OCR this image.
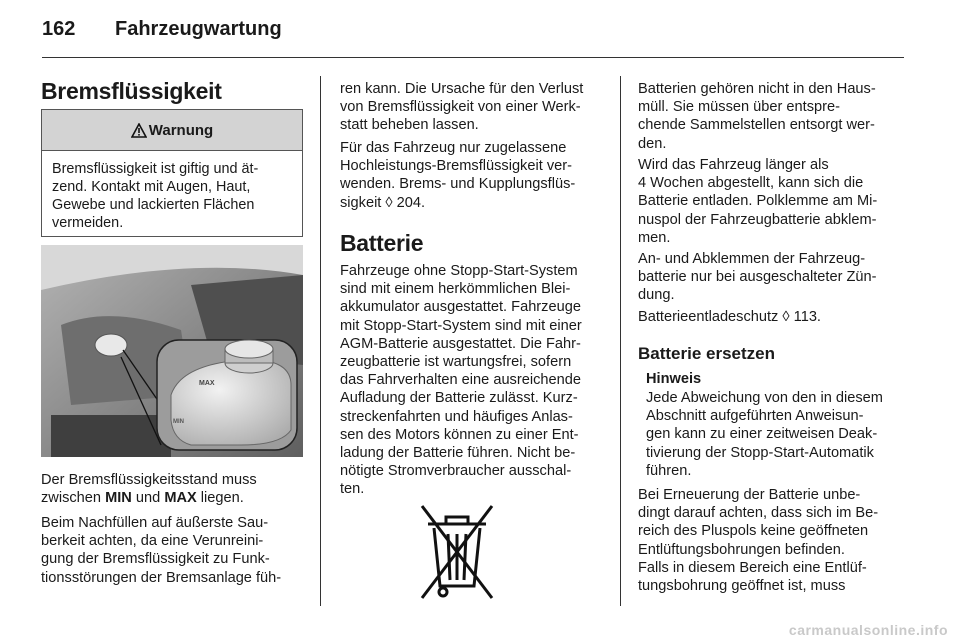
162 Fahrzeugwartung
Bremsflüssigkeit
Warnung

Bremsflüssigkeit ist giftig und ät-
zend. Kontakt mit Augen, Haut,
Gewebe und lackierten Flächen
vermeiden.

MAX
MIN

Der Bremsflüssigkeitsstand muss
zwischen MIN und MAX liegen.

Beim Nachfüllen auf äußerste Sau-
berkeit achten, da eine Verunreini-
gung der Bremsflüssigkeit zu Funk-
tionsstörungen der Bremsanlage füh-

ren kann. Die Ursache für den Verlust
von Bremsflüssigkeit von einer Werk-
statt beheben lassen.

Für das Fahrzeug nur zugelassene
Hochleistungs-Bremsflüssigkeit ver-
wenden. Brems- und Kupplungsflüs-
sigkeit ◊ 204.

Batterie

Fahrzeuge ohne Stopp-Start-System
sind mit einem herkömmlichen Blei-
akkumulator ausgestattet. Fahrzeuge
mit Stopp-Start-System sind mit einer
AGM-Batterie ausgestattet. Die Fahr-
zeugbatterie ist wartungsfrei, sofern
das Fahrverhalten eine ausreichende
Aufladung der Batterie zulässt. Kurz-
streckenfahrten und häufiges Anlas-
sen des Motors können zu einer Ent-
ladung der Batterie führen. Nicht be-
nötigte Stromverbraucher ausschal-
ten.

Batterien gehören nicht in den Haus-
müll. Sie müssen über entspre-
chende Sammelstellen entsorgt wer-
den.

Wird das Fahrzeug länger als
4 Wochen abgestellt, kann sich die
Batterie entladen. Polklemme am Mi-
nuspol der Fahrzeugbatterie abklem-
men.

An- und Abklemmen der Fahrzeug-
batterie nur bei ausgeschalteter Zün-
dung.

Batterieentladeschutz ◊ 113.

Batterie ersetzen
Hinweis

Jede Abweichung von den in diesem
Abschnitt aufgeführten Anweisun-
gen kann zu einer zeitweisen Deak-
tivierung der Stopp-Start-Automatik
führen.

Bei Erneuerung der Batterie unbe-
dingt darauf achten, dass sich im Be-
reich des Pluspols keine geöffneten
Entlüftungsbohrungen befinden.
Falls in diesem Bereich eine Entlüf-
tungsbohrung geöffnet ist, muss

carmanualsonline.info
